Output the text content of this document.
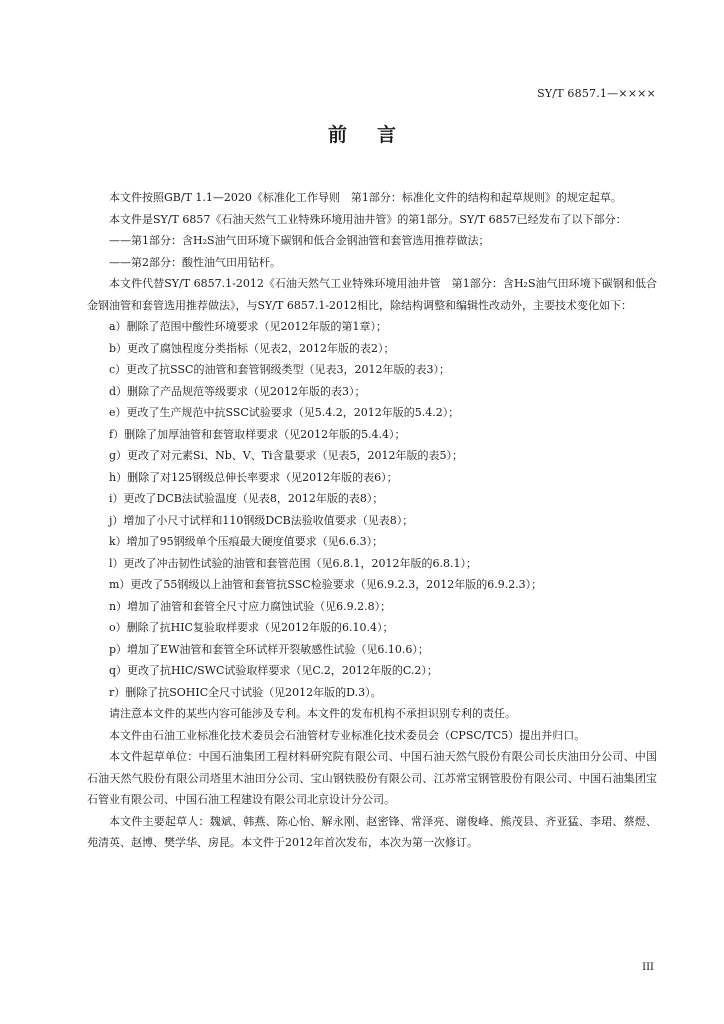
SY/T 6857.1—××××
前言

本文件按照GB/T 1.1—2020《标准化工作导则　第1部分：标准化文件的结构和起草规则》的规定起草。

本文件是SY/T 6857《石油天然气工业特殊环境用油井管》的第1部分。SY/T 6857已经发布了以下部分：

——第1部分：含H₂S油气田环境下碳钢和低合金钢油管和套管选用推荐做法；

——第2部分：酸性油气田用钻杆。

本文件代替SY/T 6857.1-2012《石油天然气工业特殊环境用油井管　第1部分：含H₂S油气田环境下碳钢和低合金钢油管和套管选用推荐做法》，与SY/T 6857.1-2012相比，除结构调整和编辑性改动外，主要技术变化如下：

a）删除了范围中酸性环境要求（见2012年版的第1章）；

b）更改了腐蚀程度分类指标（见表2，2012年版的表2）；

c）更改了抗SSC的油管和套管钢级类型（见表3，2012年版的表3）；

d）删除了产品规范等级要求（见2012年版的表3）；

e）更改了生产规范中抗SSC试验要求（见5.4.2，2012年版的5.4.2）；

f）删除了加厚油管和套管取样要求（见2012年版的5.4.4）；

g）更改了对元素Si、Nb、V、Ti含量要求（见表5，2012年版的表5）；

h）删除了对125钢级总伸长率要求（见2012年版的表6）；

i）更改了DCB法试验温度（见表8，2012年版的表8）；

j）增加了小尺寸试样和110钢级DCB法验收值要求（见表8）；

k）增加了95钢级单个压痕最大硬度值要求（见6.6.3）；

l）更改了冲击韧性试验的油管和套管范围（见6.8.1，2012年版的6.8.1）；

m）更改了55钢级以上油管和套管抗SSC检验要求（见6.9.2.3，2012年版的6.9.2.3）；

n）增加了油管和套管全尺寸应力腐蚀试验（见6.9.2.8）；

o）删除了抗HIC复验取样要求（见2012年版的6.10.4）；

p）增加了EW油管和套管全环试样开裂敏感性试验（见6.10.6）；

q）更改了抗HIC/SWC试验取样要求（见C.2，2012年版的C.2）；

r）删除了抗SOHIC全尺寸试验（见2012年版的D.3）。

请注意本文件的某些内容可能涉及专利。本文件的发布机构不承担识别专利的责任。

本文件由石油工业标准化技术委员会石油管材专业标准化技术委员会（CPSC/TC5）提出并归口。

本文件起草单位：中国石油集团工程材料研究院有限公司、中国石油天然气股份有限公司长庆油田分公司、中国石油天然气股份有限公司塔里木油田分公司、宝山钢铁股份有限公司、江苏常宝钢管股份有限公司、中国石油集团宝石管业有限公司、中国石油工程建设有限公司北京设计分公司。

本文件主要起草人：魏斌、韩燕、陈心怡、解永刚、赵密锋、常泽亮、谢俊峰、熊茂县、齐亚猛、李珺、蔡煜、苑清英、赵博、樊学华、房昆。本文件于2012年首次发布，本次为第一次修订。

III
